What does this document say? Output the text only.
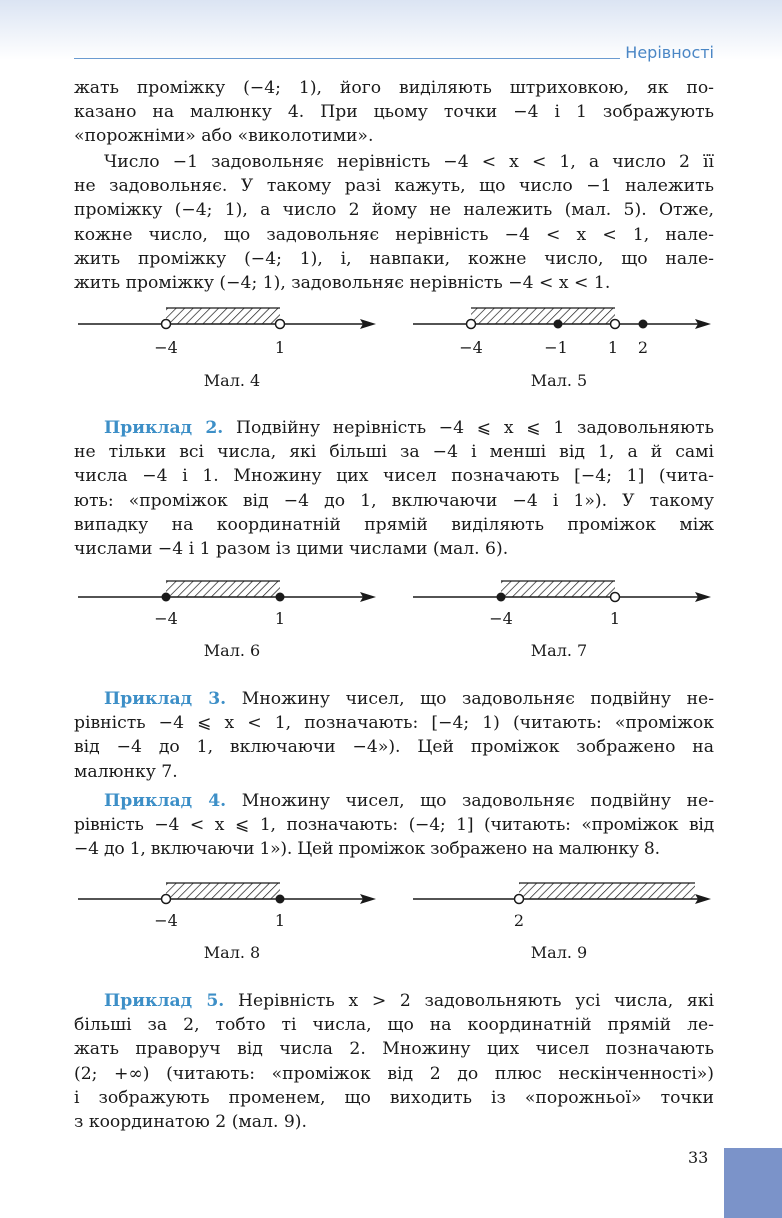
Нерівності
жать проміжку (−4; 1), його виділяють штриховкою, як по-
казано на малюнку 4. При цьому точки −4 і 1 зображують
«порожніми» або «виколотими».
Число −1 задовольняє нерівність −4 < x < 1, а число 2 її
не задовольняє. У такому разі кажуть, що число −1 належить
проміжку (−4; 1), а число 2 йому не належить (мал. 5). Отже,
кожне число, що задовольняє нерівність −4 < x < 1, нале-
жить проміжку (−4; 1), і, навпаки, кожне число, що нале-
жить проміжку (−4; 1), задовольняє нерівність −4 < x < 1.
−4	1
Мал. 4
−4	−1	1 2
Мал. 5
Приклад 2. Подвійну нерівність −4 ⩽ x ⩽ 1 задовольняють
не тільки всі числа, які більші за −4 і менші від 1, а й самі
числа −4 і 1. Множину цих чисел позначають [−4; 1] (чита-
ють: «проміжок від −4 до 1, включаючи −4 і 1»). У такому
випадку на координатній прямій виділяють проміжок між
числами −4 і 1 разом із цими числами (мал. 6).
−4	1
Мал. 6
−4	1
Мал. 7
Приклад 3. Множину чисел, що задовольняє подвійну не-
рівність −4 ⩽ x < 1, позначають: [−4; 1) (читають: «проміжок
від −4 до 1, включаючи −4»). Цей проміжок зображено на
малюнку 7.
Приклад 4. Множину чисел, що задовольняє подвійну не-
рівність −4 < x ⩽ 1, позначають: (−4; 1] (читають: «проміжок від
−4 до 1, включаючи 1»). Цей проміжок зображено на малюнку 8.
−4	1
Мал. 8
2
Мал. 9
Приклад 5. Нерівність x > 2 задовольняють усі числа, які
більші за 2, тобто ті числа, що на координатній прямій ле-
жать праворуч від числа 2. Множину цих чисел позначають
(2; +∞) (читають: «проміжок від 2 до плюс нескінченності»)
і зображують променем, що виходить із «порожньої» точки
з координатою 2 (мал. 9).
33
